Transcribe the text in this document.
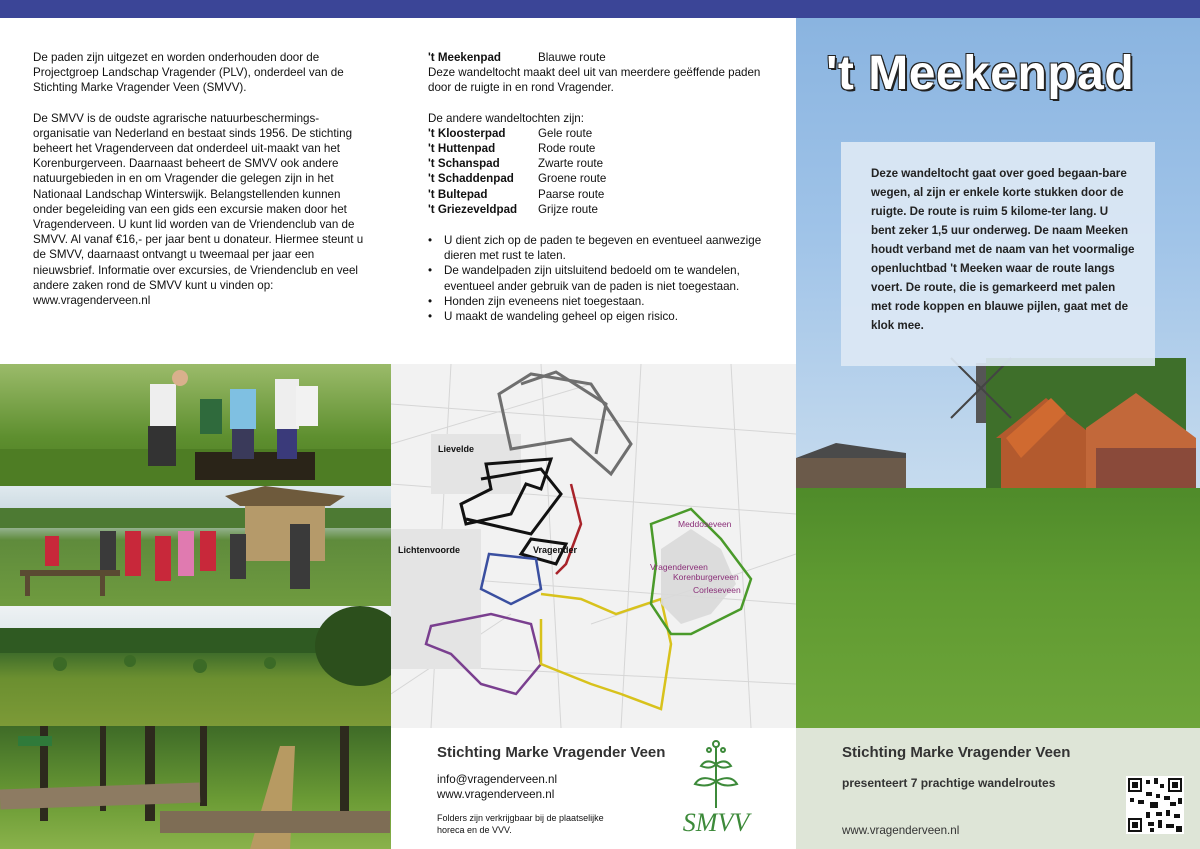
De paden zijn uitgezet en worden onderhouden door de Projectgroep Landschap Vragender (PLV), onderdeel van de Stichting Marke Vragender Veen (SMVV).

De SMVV is de oudste agrarische natuurbeschermings-organisatie van Nederland en bestaat sinds 1956. De stichting beheert het Vragenderveen dat onderdeel uit-maakt van het Korenburgerveen. Daarnaast beheert de SMVV ook andere natuurgebieden in en om Vragender die gelegen zijn in het Nationaal Landschap Winterswijk. Belangstellenden kunnen onder begeleiding van een gids een excursie maken door het Vragenderveen. U kunt lid worden van de Vriendenclub van de SMVV. Al vanaf €16,- per jaar bent u donateur. Hiermee steunt u de SMVV, daarnaast ontvangt u tweemaal per jaar een nieuwsbrief. Informatie over excursies, de Vriendenclub en veel andere zaken rond de SMVV kunt u vinden op: www.vragenderveen.nl

't Meekenpad	Blauwe route
Deze wandeltocht maakt deel uit van meerdere geëffende paden door de ruigte in en rond Vragender.
De andere wandeltochten zijn:
't Kloosterpad	Gele route
't Huttenpad	Rode route
't Schanspad	Zwarte route
't Schaddenpad	Groene route
't Bultepad	Paarse route
't Griezeveldpad	Grijze route
• U dient zich op de paden te begeven en eventueel aanwezige dieren met rust te laten.
• De wandelpaden zijn uitsluitend bedoeld om te wandelen, eventueel ander gebruik van de paden is niet toegestaan.
• Honden zijn eveneens niet toegestaan.
• U maakt de wandeling geheel op eigen risico.
Lievelde
Lichtenvoorde	Vragender
Meddoseveen
Vragenderveen
Korenburgerveen
Corleseveen
Stichting Marke Vragender Veen
info@vragenderveen.nl
www.vragenderveen.nl
Folders zijn verkrijgbaar bij de plaatselijke horeca en de VVV.	SMVV
't Meekenpad
Deze wandeltocht gaat over goed begaan-bare wegen, al zijn er enkele korte stukken door de ruigte. De route is ruim 5 kilome-ter lang. U bent zeker 1,5 uur onderweg. De naam Meeken houdt verband met de naam van het voormalige openluchtbad 't Meeken waar de route langs voert. De route, die is gemarkeerd met palen met rode koppen en blauwe pijlen, gaat met de klok mee.
Stichting Marke Vragender Veen
presenteert 7 prachtige wandelroutes
www.vragenderveen.nl
